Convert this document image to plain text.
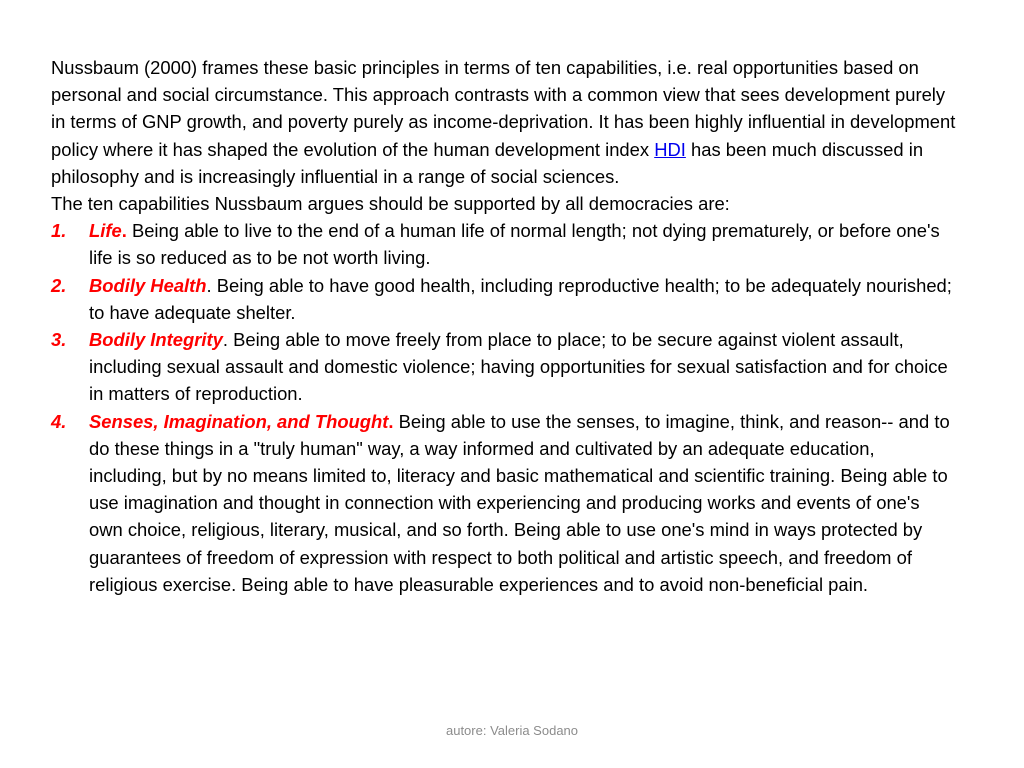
Nussbaum (2000) frames these basic principles in terms of ten capabilities, i.e. real opportunities based on personal and social circumstance. This approach contrasts with a common view that sees development purely in terms of GNP growth, and poverty purely as income-deprivation. It has been highly influential in development policy where it has shaped the evolution of the human development index HDI has been much discussed in philosophy and is increasingly influential in a range of social sciences.

The ten capabilities Nussbaum argues should be supported by all democracies are:

1. Life. Being able to live to the end of a human life of normal length; not dying prematurely, or before one's life is so reduced as to be not worth living.
2. Bodily Health. Being able to have good health, including reproductive health; to be adequately nourished; to have adequate shelter.
3. Bodily Integrity. Being able to move freely from place to place; to be secure against violent assault, including sexual assault and domestic violence; having opportunities for sexual satisfaction and for choice in matters of reproduction.
4. Senses, Imagination, and Thought. Being able to use the senses, to imagine, think, and reason-- and to do these things in a "truly human" way, a way informed and cultivated by an adequate education, including, but by no means limited to, literacy and basic mathematical and scientific training. Being able to use imagination and thought in connection with experiencing and producing works and events of one's own choice, religious, literary, musical, and so forth. Being able to use one's mind in ways protected by guarantees of freedom of expression with respect to both political and artistic speech, and freedom of religious exercise. Being able to have pleasurable experiences and to avoid non-beneficial pain.
autore: Valeria Sodano
